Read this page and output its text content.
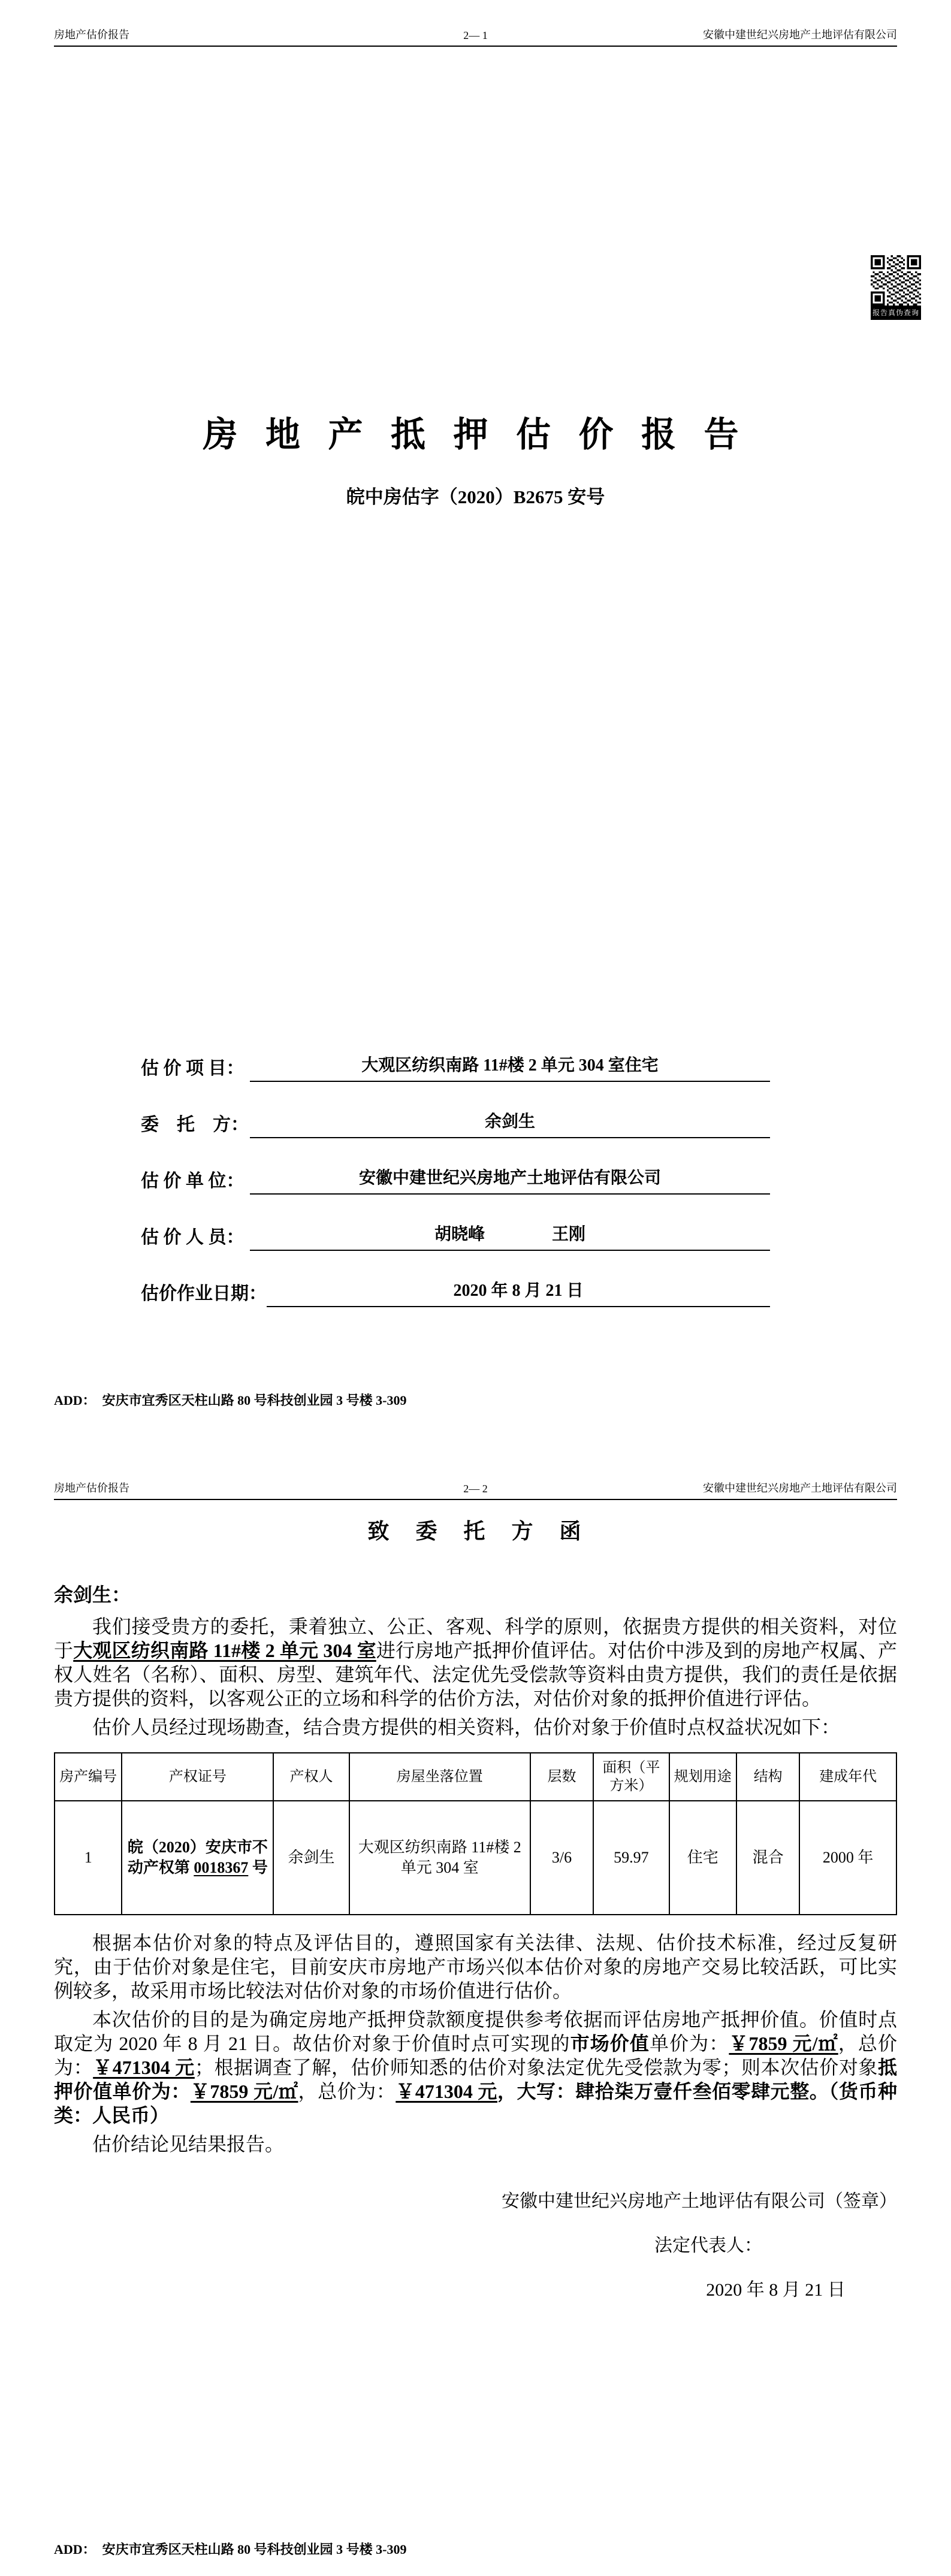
房地产估价报告	2— 1	安徽中建世纪兴房地产土地评估有限公司
报告真伪查询
房 地 产 抵 押 估 价 报 告
皖中房估字（2020）B2675 安号
估 价 项 目：	大观区纺织南路 11#楼 2 单元 304 室住宅
委　托　方：	余剑生
估 价 单 位：	安徽中建世纪兴房地产土地评估有限公司
估 价 人 员：	胡晓峰　　　　王刚
估价作业日期：	2020 年 8 月 21 日
ADD：　安庆市宜秀区天柱山路 80 号科技创业园 3 号楼 3-309
房地产估价报告	2— 2	安徽中建世纪兴房地产土地评估有限公司
致　委　托　方　函
余剑生：

我们接受贵方的委托，秉着独立、公正、客观、科学的原则，依据贵方提供的相关资料，对位于大观区纺织南路 11#楼 2 单元 304 室进行房地产抵押价值评估。对估价中涉及到的房地产权属、产权人姓名（名称）、面积、房型、建筑年代、法定优先受偿款等资料由贵方提供，我们的责任是依据贵方提供的资料，以客观公正的立场和科学的估价方法，对估价对象的抵押价值进行评估。

估价人员经过现场勘查，结合贵方提供的相关资料，估价对象于价值时点权益状况如下：

房产编号	产权证号	产权人	房屋坐落位置	层数	面积（平方米）	规划用途	结构	建成年代
1	皖（2020）安庆市不动产权第 0018367 号	余剑生	大观区纺织南路 11#楼 2 单元 304 室	3/6	59.97	住宅	混合	2000 年

根据本估价对象的特点及评估目的，遵照国家有关法律、法规、估价技术标准，经过反复研究，由于估价对象是住宅，目前安庆市房地产市场兴似本估价对象的房地产交易比较活跃，可比实例较多，故采用市场比较法对估价对象的市场价值进行估价。

本次估价的目的是为确定房地产抵押贷款额度提供参考依据而评估房地产抵押价值。价值时点取定为 2020 年 8 月 21 日。故估价对象于价值时点可实现的市场价值单价为：￥7859 元/㎡，总价为：￥471304 元；根据调查了解，估价师知悉的估价对象法定优先受偿款为零；则本次估价对象抵押价值单价为：￥7859 元/㎡，总价为：￥471304 元，大写：肆拾柒万壹仟叁佰零肆元整。（货币种类：人民币）

估价结论见结果报告。

安徽中建世纪兴房地产土地评估有限公司（签章）
法定代表人：
2020 年 8 月 21 日
ADD：　安庆市宜秀区天柱山路 80 号科技创业园 3 号楼 3-309
